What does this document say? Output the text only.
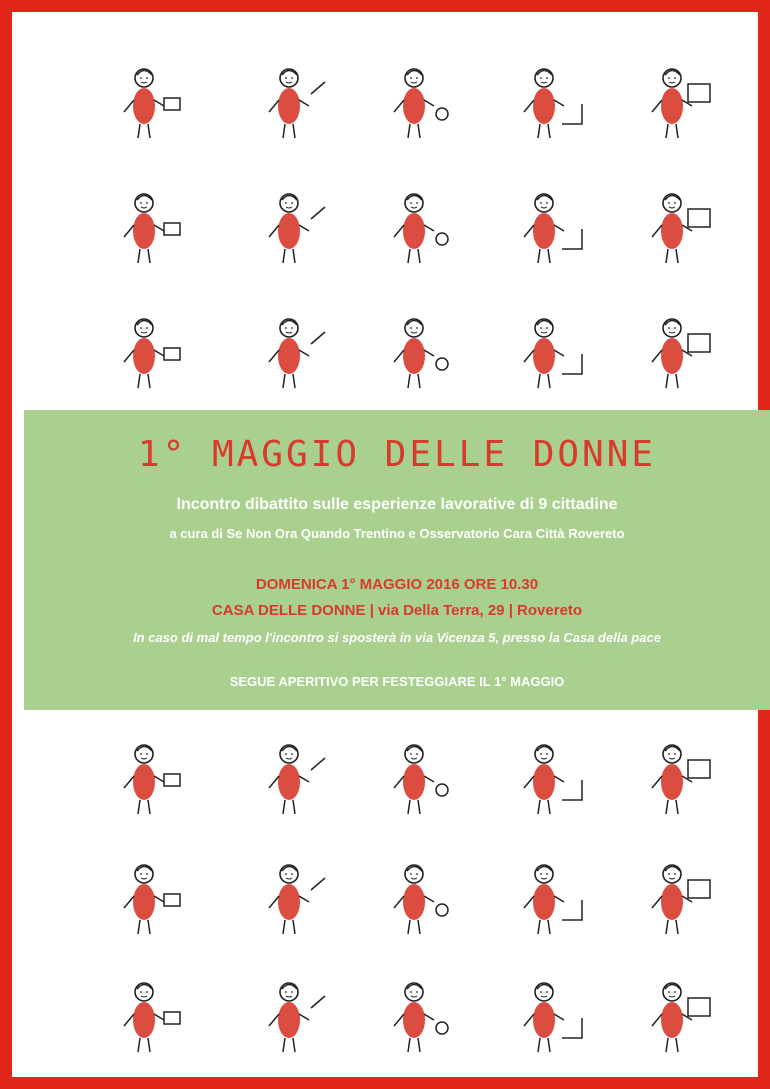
1° MAGGIO DELLE DONNE
Incontro dibattito sulle esperienze lavorative di 9 cittadine
a cura di Se Non Ora Quando Trentino e Osservatorio Cara Città Rovereto
DOMENICA 1° MAGGIO 2016 ORE 10.30
CASA DELLE DONNE | via Della Terra, 29 | Rovereto
In caso di mal tempo l'incontro si sposterà in via Vicenza 5, presso la Casa della pace
SEGUE APERITIVO PER FESTEGGIARE IL 1° MAGGIO
